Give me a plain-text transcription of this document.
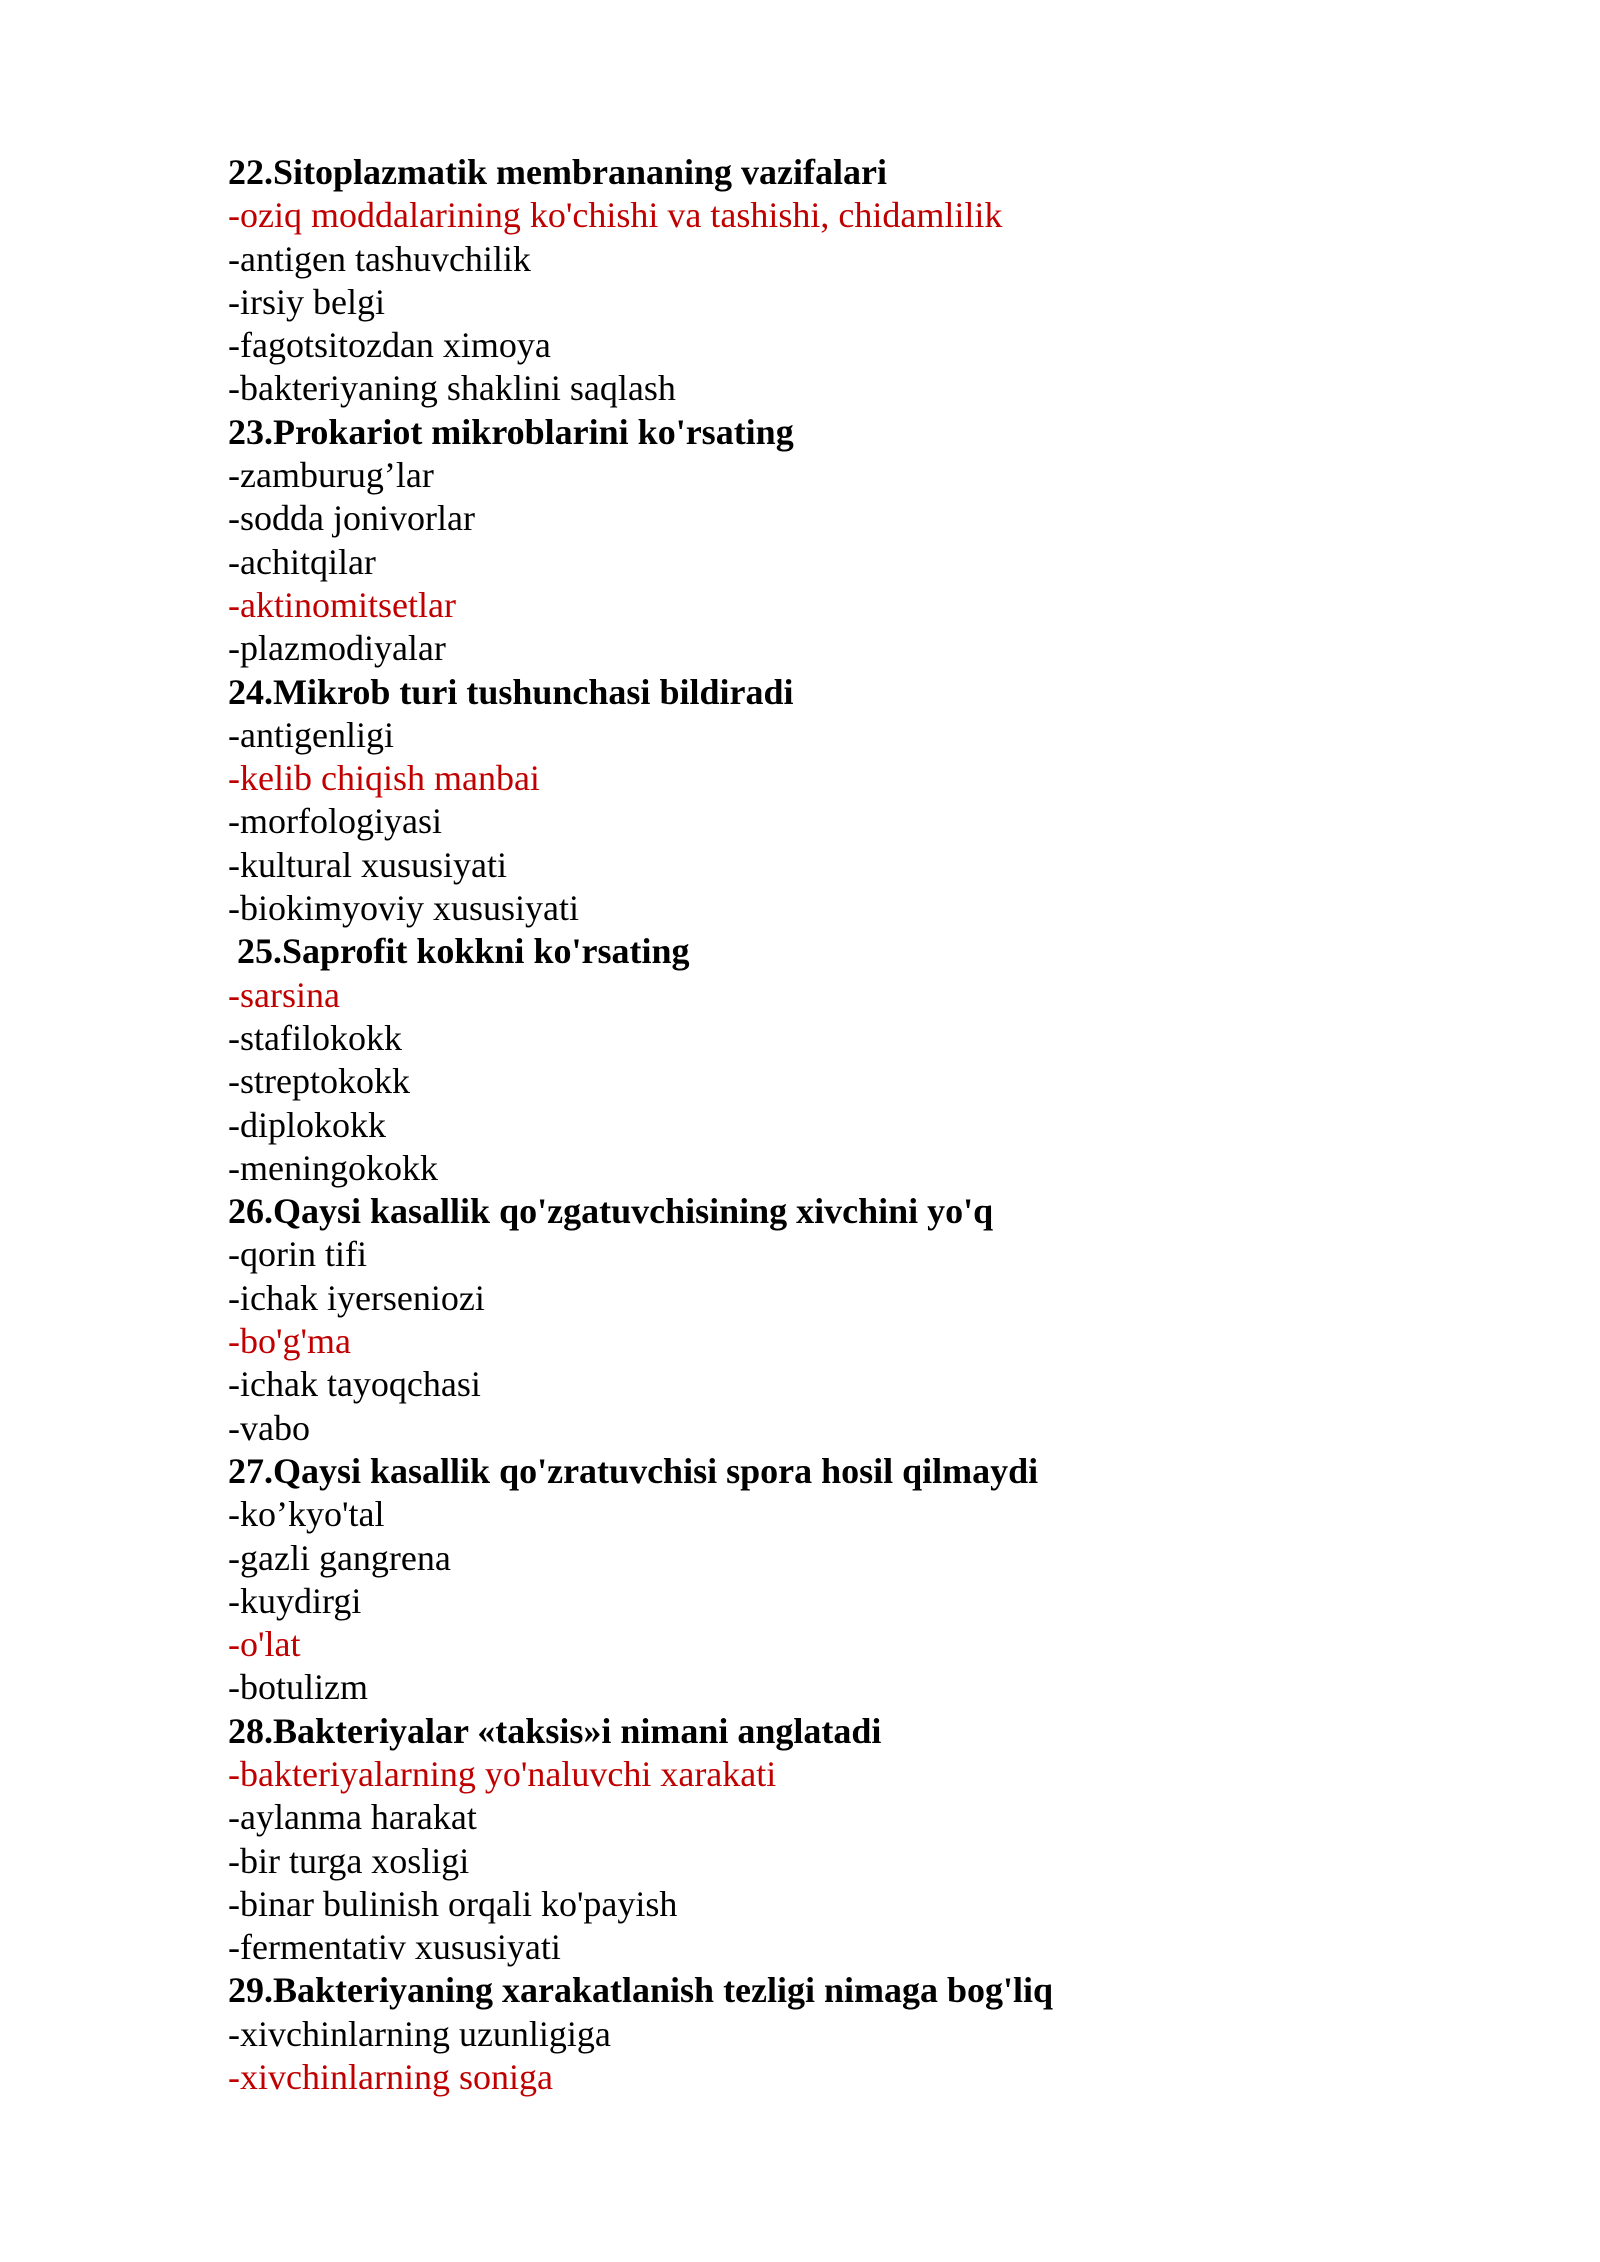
22.Sitoplazmatik membrananing vazifalari
-oziq moddalarining ko'chishi va tashishi, chidamlilik
-antigen tashuvchilik
-irsiy belgi
-fagotsitozdan ximoya
-bakteriyaning shaklini saqlash
23.Prokariot mikroblarini ko'rsating
-zamburug’lar
-sodda jonivorlar
-achitqilar
-aktinomitsetlar
-plazmodiyalar
24.Mikrob turi tushunchasi bildiradi
-antigenligi
-kelib chiqish manbai
-morfologiyasi
-kultural xususiyati
-biokimyoviy xususiyati
25.Saprofit kokkni ko'rsating
-sarsina
-stafilokokk
-streptokokk
-diplokokk
-meningokokk
26.Qaysi kasallik qo'zgatuvchisining xivchini yo'q
-qorin tifi
-ichak iyerseniozi
-bo'g'ma
-ichak tayoqchasi
-vabo
27.Qaysi kasallik qo'zratuvchisi spora hosil qilmaydi
-ko’kyo'tal
-gazli gangrena
-kuydirgi
-o'lat
-botulizm
28.Bakteriyalar «taksis»i nimani anglatadi
-bakteriyalarning yo'naluvchi xarakati
-aylanma harakat
-bir turga xosligi
-binar bulinish orqali ko'payish
-fermentativ xususiyati
29.Bakteriyaning xarakatlanish tezligi nimaga bog'liq
-xivchinlarning uzunligiga
-xivchinlarning soniga
